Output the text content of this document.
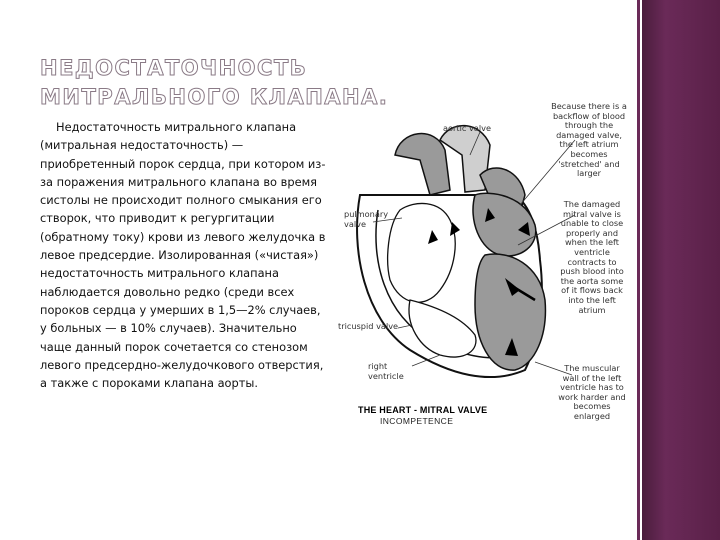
НЕДОСТАТОЧНОСТЬ МИТРАЛЬНОГО КЛАПАНА.

Недостаточность митрального клапана (митральная недостаточность) — приобретенный порок сердца, при котором из-за поражения митрального клапана во время систолы не происходит полного смыкания его створок, что приводит к регургитации (обратному току) крови из левого желудочка в левое предсердие. Изолированная («чистая») недостаточность митрального клапана наблюдается довольно редко (среди всех пороков сердца у умерших в 1,5—2% случаев, у больных — в 10% случаев). Значительно чаще данный порок сочетается со стенозом левого предсердно-желудочкового отверстия, а также с пороками клапана аорты.

aortic valve
pulmonary valve
tricuspid valve
right ventricle
Because there is a backflow of blood through the damaged valve, the left atrium becomes 'stretched' and larger
The damaged mitral valve is unable to close properly and when the left ventricle contracts to push blood into the aorta some of it flows back into the left atrium
The muscular wall of the left ventricle has to work harder and becomes enlarged
THE HEART - MITRAL VALVE
INCOMPETENCE
